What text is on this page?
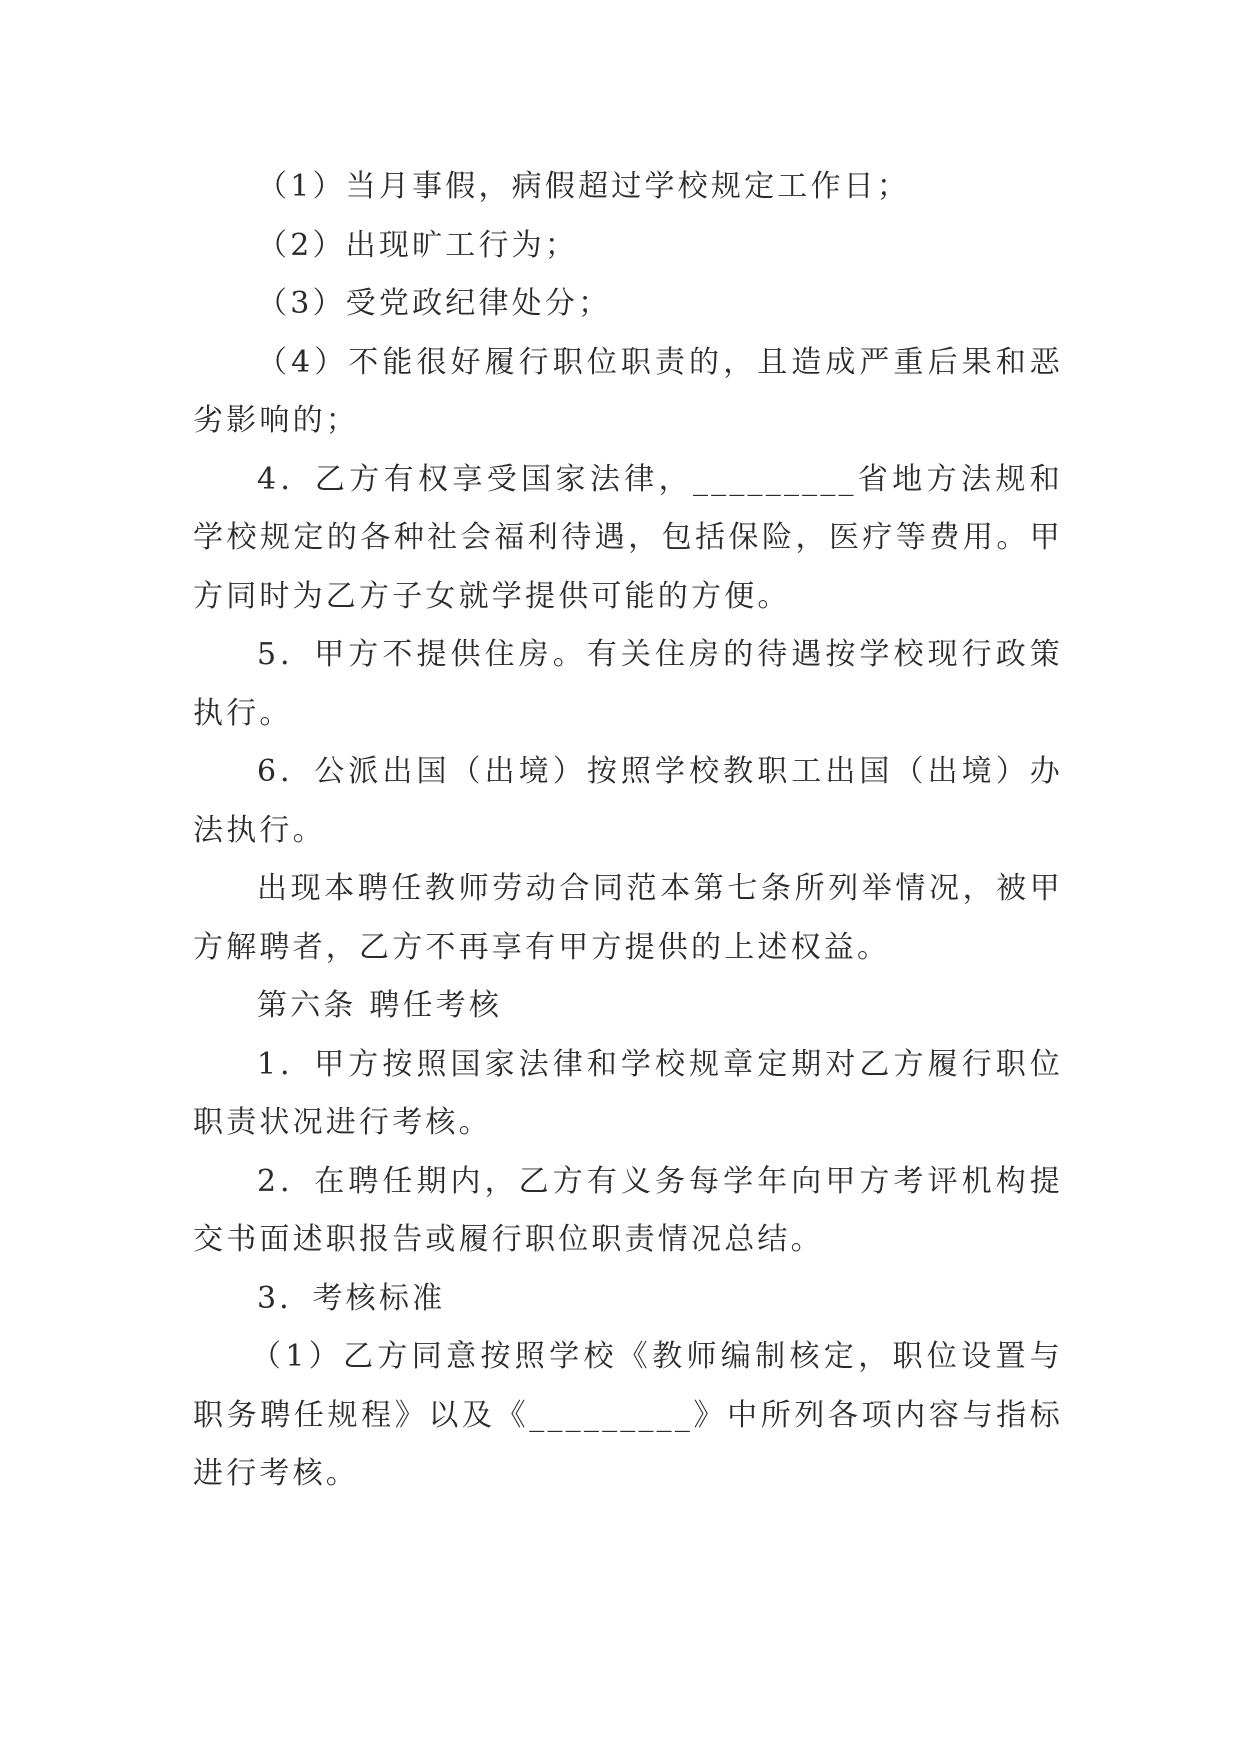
（1）当月事假，病假超过学校规定工作日；

（2）出现旷工行为；

（3）受党政纪律处分；

（4）不能很好履行职位职责的，且造成严重后果和恶劣影响的；

4．乙方有权享受国家法律，_________省地方法规和学校规定的各种社会福利待遇，包括保险，医疗等费用。甲方同时为乙方子女就学提供可能的方便。

5．甲方不提供住房。有关住房的待遇按学校现行政策执行。

6．公派出国（出境）按照学校教职工出国（出境）办法执行。

出现本聘任教师劳动合同范本第七条所列举情况，被甲方解聘者，乙方不再享有甲方提供的上述权益。

第六条 聘任考核

1．甲方按照国家法律和学校规章定期对乙方履行职位职责状况进行考核。

2．在聘任期内，乙方有义务每学年向甲方考评机构提交书面述职报告或履行职位职责情况总结。

3．考核标准

（1）乙方同意按照学校《教师编制核定，职位设置与职务聘任规程》以及《_________》中所列各项内容与指标进行考核。
